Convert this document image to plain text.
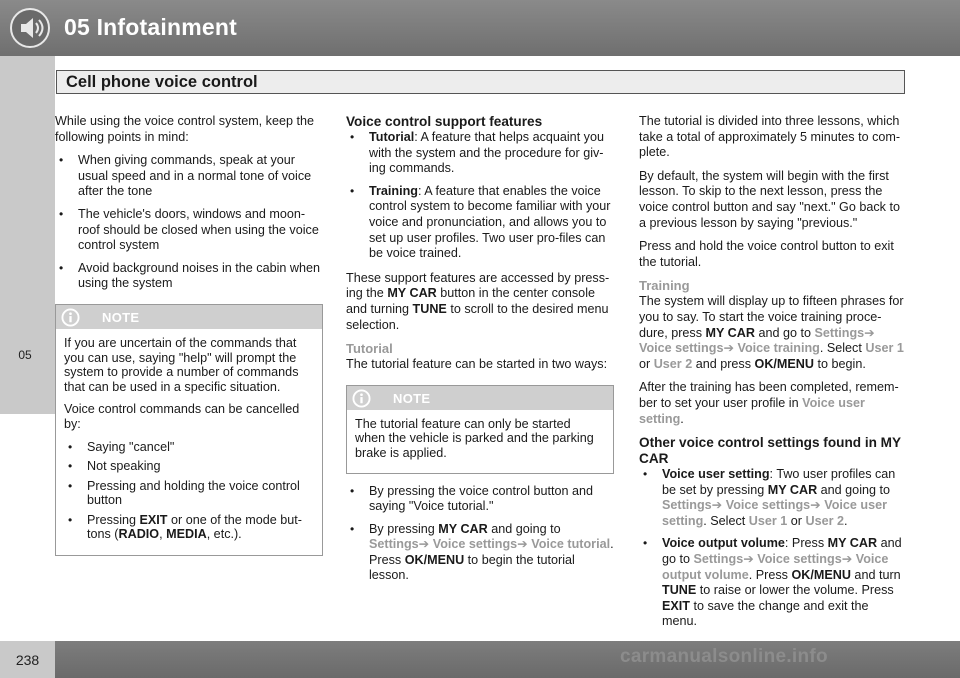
05 Infotainment
05
Cell phone voice control

While using the voice control system, keep the following points in mind:

• When giving commands, speak at your usual speed and in a normal tone of voice after the tone
• The vehicle's doors, windows and moon-roof should be closed when using the voice control system
• Avoid background noises in the cabin when using the system
NOTE

If you are uncertain of the commands that you can use, saying "help" will prompt the system to provide a number of commands that can be used in a specific situation.

Voice control commands can be cancelled by:

• Saying "cancel"
• Not speaking
• Pressing and holding the voice control button
• Pressing EXIT or one of the mode but-tons (RADIO, MEDIA, etc.).
Voice control support features
• Tutorial: A feature that helps acquaint you with the system and the procedure for giv-ing commands.
• Training: A feature that enables the voice control system to become familiar with your voice and pronunciation, and allows you to set up user profiles. Two user pro-files can be voice trained.

These support features are accessed by press-ing the MY CAR button in the center console and turning TUNE to scroll to the desired menu selection.

Tutorial

The tutorial feature can be started in two ways:

NOTE

The tutorial feature can only be started when the vehicle is parked and the parking brake is applied.

• By pressing the voice control button and saying "Voice tutorial."
• By pressing MY CAR and going to Settings➔ Voice settings➔ Voice tutorial. Press OK/MENU to begin the tutorial lesson.

The tutorial is divided into three lessons, which take a total of approximately 5 minutes to com-plete.

By default, the system will begin with the first lesson. To skip to the next lesson, press the voice control button and say "next." Go back to a previous lesson by saying "previous."

Press and hold the voice control button to exit the tutorial.

Training

The system will display up to fifteen phrases for you to say. To start the voice training proce-dure, press MY CAR and go to Settings➔ Voice settings➔ Voice training. Select User 1 or User 2 and press OK/MENU to begin.

After the training has been completed, remem-ber to set your user profile in Voice user setting.

Other voice control settings found in MY CAR
• Voice user setting: Two user profiles can be set by pressing MY CAR and going to Settings➔ Voice settings➔ Voice user setting. Select User 1 or User 2.
• Voice output volume: Press MY CAR and go to Settings➔ Voice settings➔ Voice output volume. Press OK/MENU and turn TUNE to raise or lower the volume. Press EXIT to save the change and exit the menu.
238	carmanualsonline.info
